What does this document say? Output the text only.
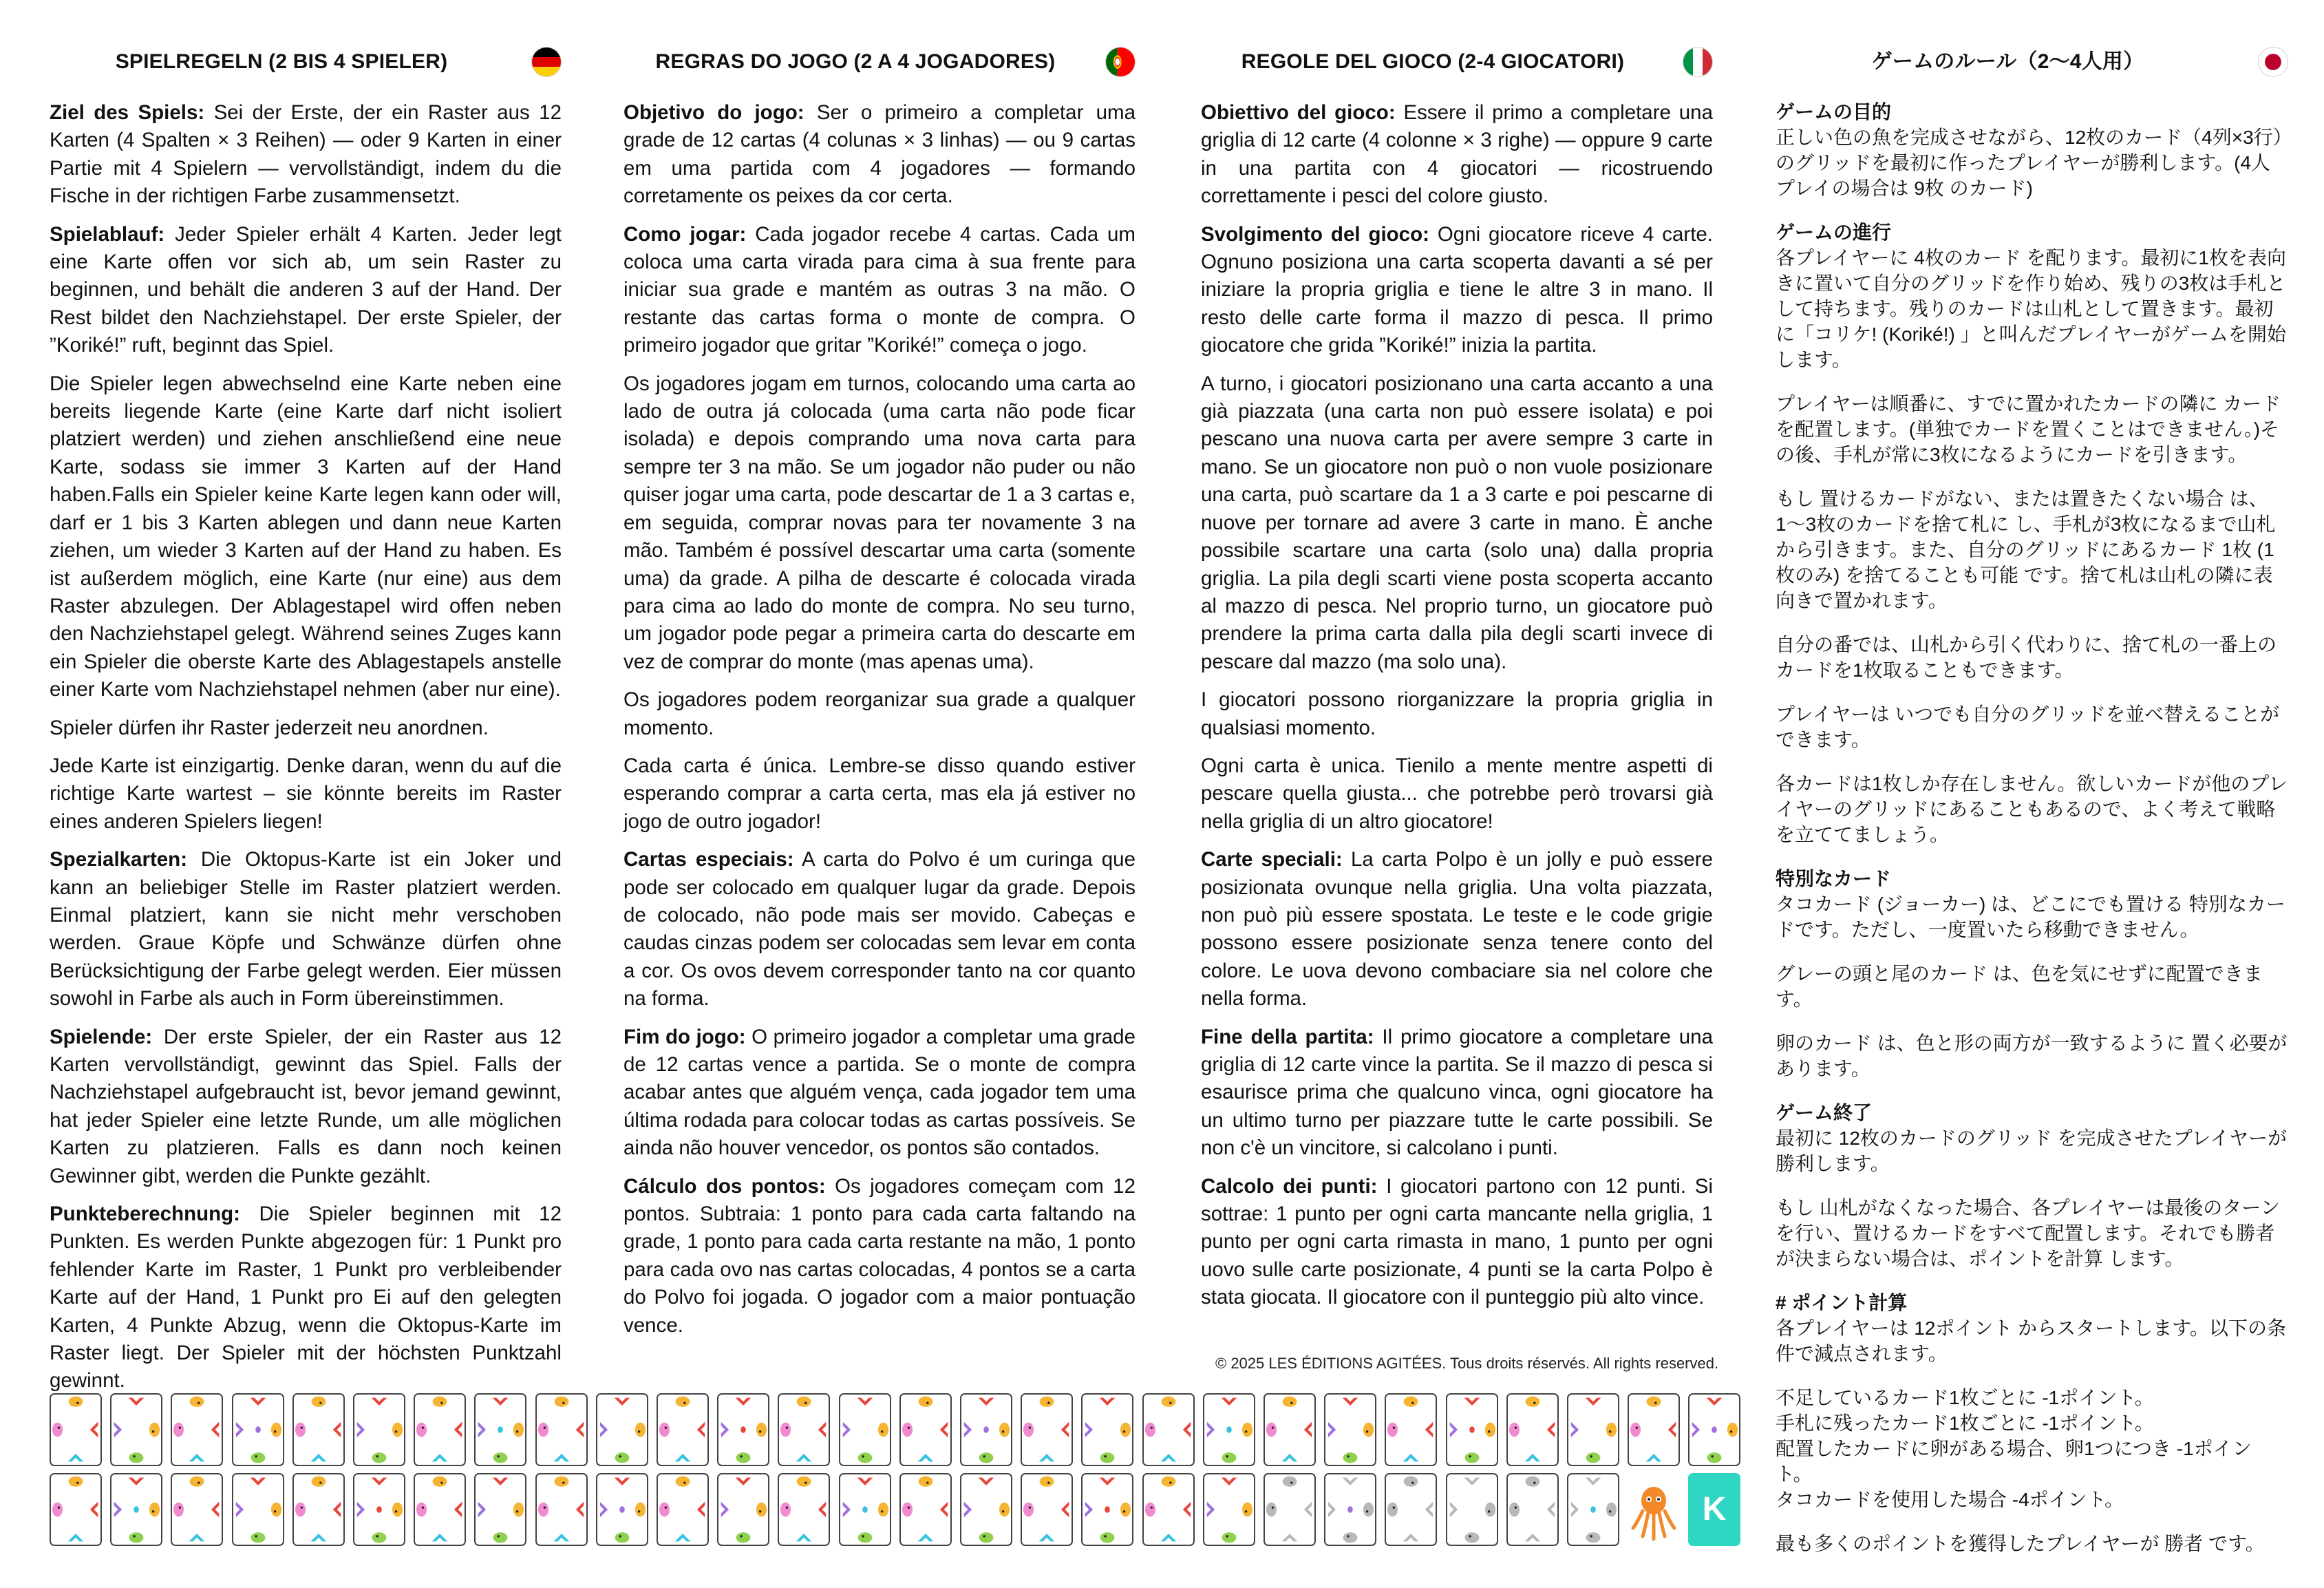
SPIELREGELN (2 BIS 4 SPIELER)

Ziel des Spiels: Sei der Erste, der ein Raster aus 12 Karten (4 Spalten × 3 Reihen) — oder 9 Karten in einer Partie mit 4 Spielern — vervollständigt, indem du die Fische in der richtigen Farbe zusammensetzt.

Spielablauf: Jeder Spieler erhält 4 Karten. Jeder legt eine Karte offen vor sich ab, um sein Raster zu beginnen, und behält die anderen 3 auf der Hand. Der Rest bildet den Nachziehstapel. Der erste Spieler, der ”Koriké!” ruft, beginnt das Spiel.

Die Spieler legen abwechselnd eine Karte neben eine bereits liegende Karte (eine Karte darf nicht isoliert platziert werden) und ziehen anschließend eine neue Karte, sodass sie immer 3 Karten auf der Hand haben.Falls ein Spieler keine Karte legen kann oder will, darf er 1 bis 3 Karten ablegen und dann neue Karten ziehen, um wieder 3 Karten auf der Hand zu haben. Es ist außerdem möglich, eine Karte (nur eine) aus dem Raster abzulegen. Der Ablagestapel wird offen neben den Nachziehstapel gelegt. Während seines Zuges kann ein Spieler die oberste Karte des Ablagestapels anstelle einer Karte vom Nachziehstapel nehmen (aber nur eine).

Spieler dürfen ihr Raster jederzeit neu anordnen.

Jede Karte ist einzigartig. Denke daran, wenn du auf die richtige Karte wartest – sie könnte bereits im Raster eines anderen Spielers liegen!

Spezialkarten: Die Oktopus-Karte ist ein Joker und kann an beliebiger Stelle im Raster platziert werden. Einmal platziert, kann sie nicht mehr verschoben werden. Graue Köpfe und Schwänze dürfen ohne Berücksichtigung der Farbe gelegt werden. Eier müssen sowohl in Farbe als auch in Form übereinstimmen.

Spielende: Der erste Spieler, der ein Raster aus 12 Karten vervollständigt, gewinnt das Spiel. Falls der Nachziehstapel aufgebraucht ist, bevor jemand gewinnt, hat jeder Spieler eine letzte Runde, um alle möglichen Karten zu platzieren. Falls es dann noch keinen Gewinner gibt, werden die Punkte gezählt.

Punkteberechnung: Die Spieler beginnen mit 12 Punkten. Es werden Punkte abgezogen für: 1 Punkt pro fehlender Karte im Raster, 1 Punkt pro verbleibender Karte auf der Hand, 1 Punkt pro Ei auf den gelegten Karten, 4 Punkte Abzug, wenn die Oktopus-Karte im Raster liegt. Der Spieler mit der höchsten Punktzahl gewinnt.

REGRAS DO JOGO (2 A 4 JOGADORES)

Objetivo do jogo: Ser o primeiro a completar uma grade de 12 cartas (4 colunas × 3 linhas) — ou 9 cartas em uma partida com 4 jogadores — formando corretamente os peixes da cor certa.

Como jogar: Cada jogador recebe 4 cartas. Cada um coloca uma carta virada para cima à sua frente para iniciar sua grade e mantém as outras 3 na mão. O restante das cartas forma o monte de compra. O primeiro jogador que gritar ”Koriké!” começa o jogo.

Os jogadores jogam em turnos, colocando uma carta ao lado de outra já colocada (uma carta não pode ficar isolada) e depois comprando uma nova carta para sempre ter 3 na mão. Se um jogador não puder ou não quiser jogar uma carta, pode descartar de 1 a 3 cartas e, em seguida, comprar novas para ter novamente 3 na mão. Também é possível descartar uma carta (somente uma) da grade. A pilha de descarte é colocada virada para cima ao lado do monte de compra. No seu turno, um jogador pode pegar a primeira carta do descarte em vez de comprar do monte (mas apenas uma).

Os jogadores podem reorganizar sua grade a qualquer momento.

Cada carta é única. Lembre-se disso quando estiver esperando comprar a carta certa, mas ela já estiver no jogo de outro jogador!

Cartas especiais: A carta do Polvo é um curinga que pode ser colocado em qualquer lugar da grade. Depois de colocado, não pode mais ser movido. Cabeças e caudas cinzas podem ser colocadas sem levar em conta a cor. Os ovos devem corresponder tanto na cor quanto na forma.

Fim do jogo: O primeiro jogador a completar uma grade de 12 cartas vence a partida. Se o monte de compra acabar antes que alguém vença, cada jogador tem uma última rodada para colocar todas as cartas possíveis. Se ainda não houver vencedor, os pontos são contados.

Cálculo dos pontos: Os jogadores começam com 12 pontos. Subtraia: 1 ponto para cada carta faltando na grade, 1 ponto para cada carta restante na mão, 1 ponto para cada ovo nas cartas colocadas, 4 pontos se a carta do Polvo foi jogada. O jogador com a maior pontuação vence.

REGOLE DEL GIOCO (2-4 GIOCATORI)

Obiettivo del gioco: Essere il primo a completare una griglia di 12 carte (4 colonne × 3 righe) — oppure 9 carte in una partita con 4 giocatori — ricostruendo correttamente i pesci del colore giusto.

Svolgimento del gioco: Ogni giocatore riceve 4 carte. Ognuno posiziona una carta scoperta davanti a sé per iniziare la propria griglia e tiene le altre 3 in mano. Il resto delle carte forma il mazzo di pesca. Il primo giocatore che grida ”Koriké!” inizia la partita.

A turno, i giocatori posizionano una carta accanto a una già piazzata (una carta non può essere isolata) e poi pescano una nuova carta per avere sempre 3 carte in mano. Se un giocatore non può o non vuole posizionare una carta, può scartare da 1 a 3 carte e poi pescarne di nuove per tornare ad avere 3 carte in mano. È anche possibile scartare una carta (solo una) dalla propria griglia. La pila degli scarti viene posta scoperta accanto al mazzo di pesca. Nel proprio turno, un giocatore può prendere la prima carta dalla pila degli scarti invece di pescare dal mazzo (ma solo una).

I giocatori possono riorganizzare la propria griglia in qualsiasi momento.

Ogni carta è unica. Tienilo a mente mentre aspetti di pescare quella giusta... che potrebbe però trovarsi già nella griglia di un altro giocatore!

Carte speciali: La carta Polpo è un jolly e può essere posizionata ovunque nella griglia. Una volta piazzata, non può più essere spostata. Le teste e le code grigie possono essere posizionate senza tenere conto del colore. Le uova devono combaciare sia nel colore che nella forma.

Fine della partita: Il primo giocatore a completare una griglia di 12 carte vince la partita. Se il mazzo di pesca si esaurisce prima che qualcuno vinca, ogni giocatore ha un ultimo turno per piazzare tutte le carte possibili. Se non c'è un vincitore, si calcolano i punti.

Calcolo dei punti: I giocatori partono con 12 punti. Si sottrae: 1 punto per ogni carta mancante nella griglia, 1 punto per ogni carta rimasta in mano, 1 punto per ogni uovo sulle carte posizionate, 4 punti se la carta Polpo è stata giocata. Il giocatore con il punteggio più alto vince.

ゲームのルール（2〜4人用）

ゲームの目的
正しい色の魚を完成させながら、12枚のカード（4列×3行）のグリッドを最初に作ったプレイヤーが勝利します。(4人プレイの場合は 9枚 のカード)

ゲームの進行
各プレイヤーに 4枚のカード を配ります。最初に1枚を表向きに置いて自分のグリッドを作り始め、残りの3枚は手札として持ちます。残りのカードは山札として置きます。最初に「コリケ! (Koriké!) 」と叫んだプレイヤーがゲームを開始します。

プレイヤーは順番に、すでに置かれたカードの隣に カードを配置します。(単独でカードを置くことはできません。)その後、手札が常に3枚になるようにカードを引きます。

もし 置けるカードがない、または置きたくない場合 は、1〜3枚のカードを捨て札に し、手札が3枚になるまで山札から引きます。また、自分のグリッドにあるカード 1枚 (1枚のみ) を捨てることも可能 です。捨て札は山札の隣に表向きで置かれます。

自分の番では、山札から引く代わりに、捨て札の一番上のカードを1枚取ることもできます。

プレイヤーは いつでも自分のグリッドを並べ替えることができます。

各カードは1枚しか存在しません。欲しいカードが他のプレイヤーのグリッドにあることもあるので、よく考えて戦略を立ててましょう。

特別なカード
タコカード (ジョーカー) は、どこにでも置ける 特別なカードです。ただし、一度置いたら移動できません。

グレーの頭と尾のカード は、色を気にせずに配置できます。

卵のカード は、色と形の両方が一致するように 置く必要があります。

ゲーム終了
最初に 12枚のカードのグリッド を完成させたプレイヤーが勝利します。

もし 山札がなくなった場合、各プレイヤーは最後のターンを行い、置けるカードをすべて配置します。それでも勝者が決まらない場合は、ポイントを計算 します。

# ポイント計算
各プレイヤーは 12ポイント からスタートします。以下の条件で減点されます。

不足しているカード1枚ごとに -1ポイント。
手札に残ったカード1枚ごとに -1ポイント。
配置したカードに卵がある場合、卵1つにつき -1ポイント。
タコカードを使用した場合 -4ポイント。

最も多くのポイントを獲得したプレイヤーが 勝者 です。

© 2025 LES ÉDITIONS AGITÉES. Tous droits réservés. All rights reserved.
K
